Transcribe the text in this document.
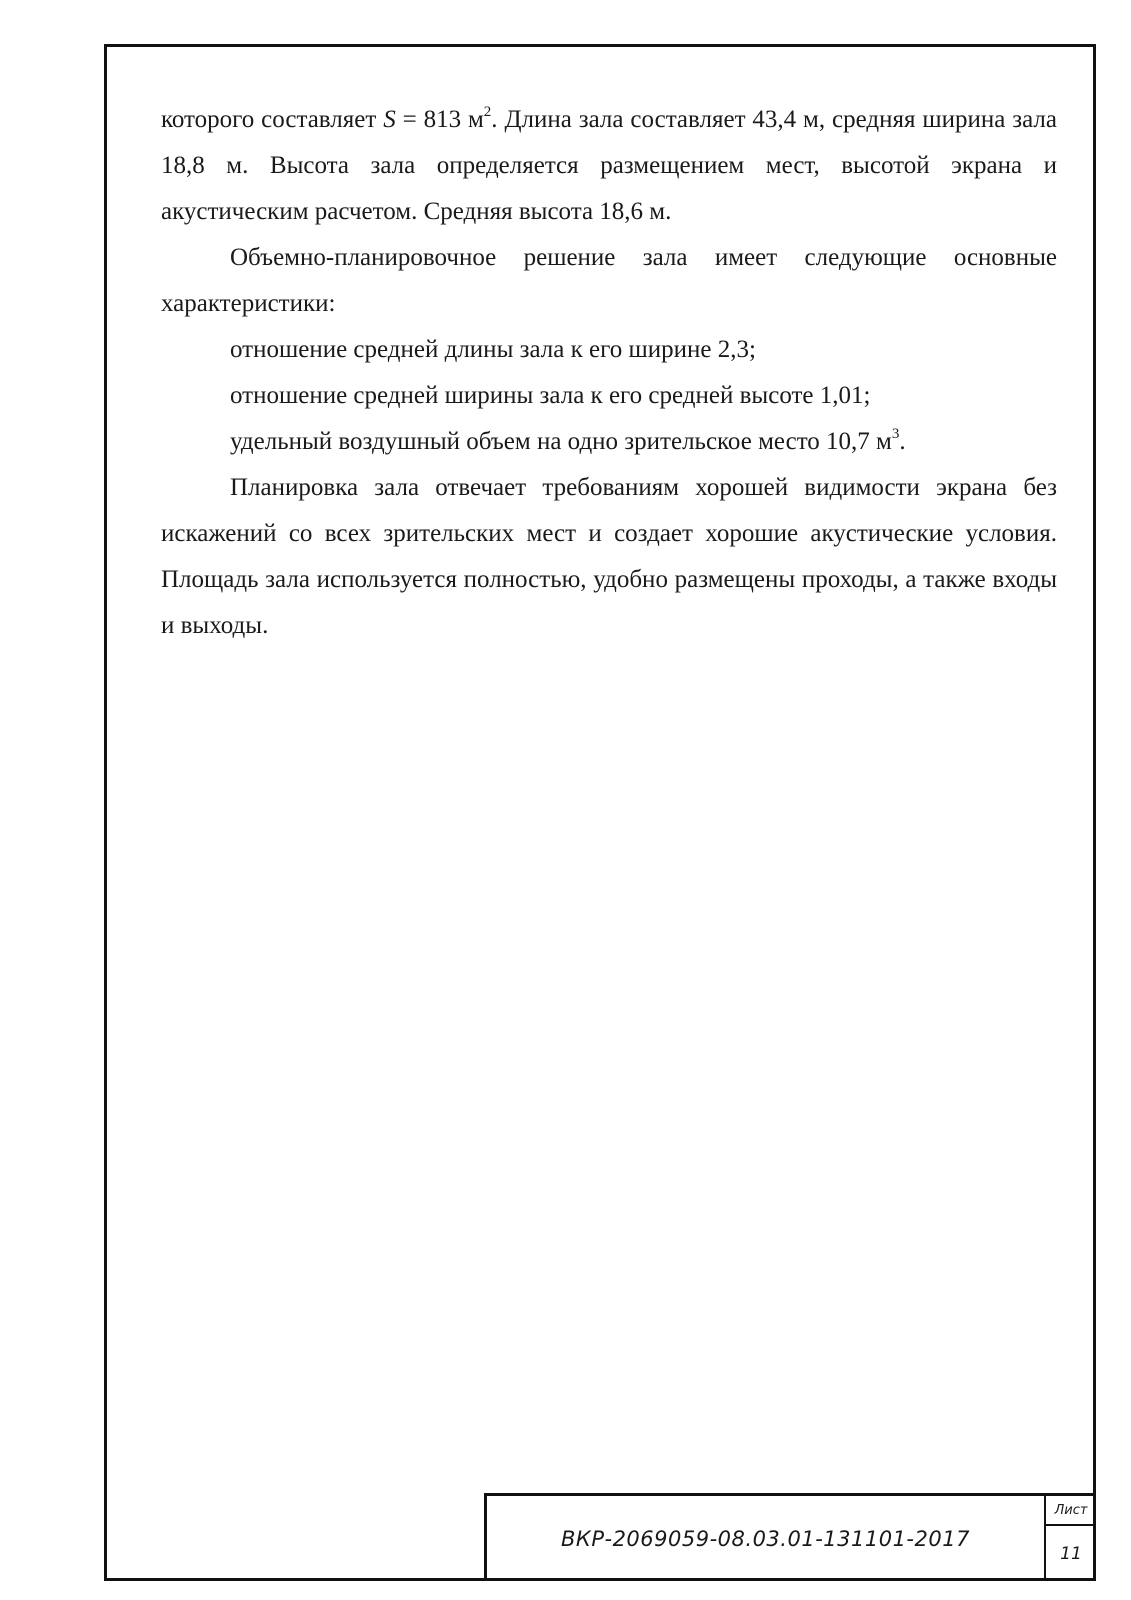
которого составляет S = 813 $м^2$. Длина зала составляет 43,4 м, средняя ширина зала 18,8 м. Высота зала определяется размещением мест, высотой экрана и акустическим расчетом. Средняя высота 18,6 м.

Объемно-планировочное решение зала имеет следующие основные характеристики:

отношение средней длины зала к его ширине 2,3;

отношение средней ширины зала к его средней высоте 1,01;

удельный воздушный объем на одно зрительское место 10,7 $м^3$.

Планировка зала отвечает требованиям хорошей видимости экрана без искажений со всех зрительских мест и создает хорошие акустические условия. Площадь зала используется полностью, удобно размещены проходы, а также входы и выходы.

ВКР-2069059-08.03.01-131101-2017
Лист
11
